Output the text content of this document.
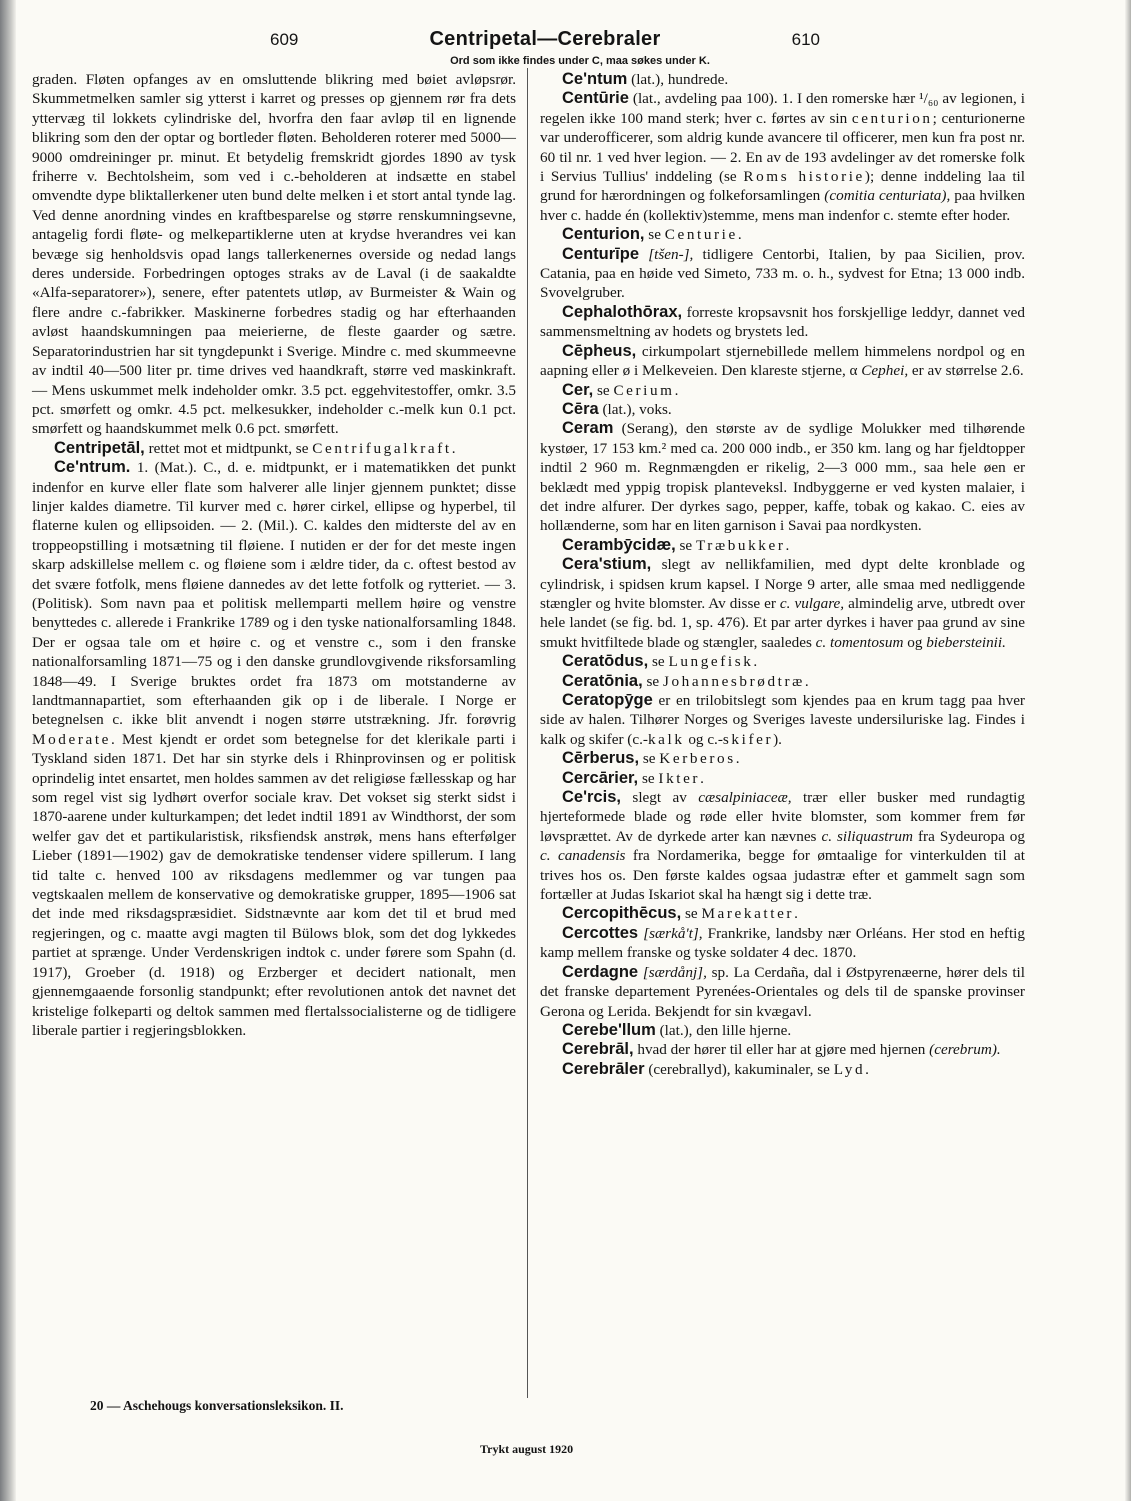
609	Centripetal—Cerebraler	610
Ord som ikke findes under C, maa søkes under K.

graden. Fløten opfanges av en omsluttende blikring med bøiet avløpsrør. Skummetmelken samler sig ytterst i karret og presses op gjennem rør fra dets yttervæg til lokkets cylindriske del, hvorfra den faar avløp til en lignende blikring som den der optar og bortleder fløten. Beholderen roterer med 5000—9000 omdreininger pr. minut. Et betydelig fremskridt gjordes 1890 av tysk friherre v. Bechtolsheim, som ved i c.-beholderen at indsætte en stabel omvendte dype bliktallerkener uten bund delte melken i et stort antal tynde lag. Ved denne anordning vindes en kraftbesparelse og større renskumningsevne, antagelig fordi fløte- og melkepartiklerne uten at krydse hverandres vei kan bevæge sig henholdsvis opad langs tallerkenernes overside og nedad langs deres underside. Forbedringen optoges straks av de Laval (i de saakaldte «Alfa-separatorer»), senere, efter patentets utløp, av Burmeister & Wain og flere andre c.-fabrikker. Maskinerne forbedres stadig og har efterhaanden avløst haandskumningen paa meierierne, de fleste gaarder og sætre. Separatorindustrien har sit tyngdepunkt i Sverige. Mindre c. med skummeevne av indtil 40—500 liter pr. time drives ved haandkraft, større ved maskinkraft. — Mens uskummet melk indeholder omkr. 3.5 pct. eggehvitestoffer, omkr. 3.5 pct. smørfett og omkr. 4.5 pct. melkesukker, indeholder c.-melk kun 0.1 pct. smørfett og haandskummet melk 0.6 pct. smørfett.

Centripetāl, rettet mot et midtpunkt, se Centrifugalkraft.

Ce'ntrum. 1. (Mat.). C., d. e. midtpunkt, er i matematikken det punkt indenfor en kurve eller flate som halverer alle linjer gjennem punktet; disse linjer kaldes diametre. Til kurver med c. hører cirkel, ellipse og hyperbel, til flaterne kulen og ellipsoiden. — 2. (Mil.). C. kaldes den midterste del av en troppeopstilling i motsætning til fløiene. I nutiden er der for det meste ingen skarp adskillelse mellem c. og fløiene som i ældre tider, da c. oftest bestod av det svære fotfolk, mens fløiene dannedes av det lette fotfolk og rytteriet. — 3. (Politisk). Som navn paa et politisk mellemparti mellem høire og venstre benyttedes c. allerede i Frankrike 1789 og i den tyske nationalforsamling 1848. Der er ogsaa tale om et høire c. og et venstre c., som i den franske nationalforsamling 1871—75 og i den danske grundlovgivende riksforsamling 1848—49. I Sverige bruktes ordet fra 1873 om motstanderne av landtmannapartiet, som efterhaanden gik op i de liberale. I Norge er betegnelsen c. ikke blit anvendt i nogen større utstrækning. Jfr. forøvrig Moderate. Mest kjendt er ordet som betegnelse for det klerikale parti i Tyskland siden 1871. Det har sin styrke dels i Rhinprovinsen og er politisk oprindelig intet ensartet, men holdes sammen av det religiøse fællesskap og har som regel vist sig lydhørt overfor sociale krav. Det vokset sig sterkt sidst i 1870-aarene under kulturkampen; det ledet indtil 1891 av Windthorst, der som welfer gav det et partikularistisk, riksfiendsk anstrøk, mens hans efterfølger Lieber (1891—1902) gav de demokratiske tendenser videre spillerum. I lang tid talte c. henved 100 av riksdagens medlemmer og var tungen paa vegtskaalen mellem de konservative og demokratiske grupper, 1895—1906 sat det inde med riksdagspræsidiet. Sidstnævnte aar kom det til et brud med regjeringen, og c. maatte avgi magten til Bülows blok, som det dog lykkedes partiet at sprænge. Under Verdenskrigen indtok c. under førere som Spahn (d. 1917), Groeber (d. 1918) og Erzberger et decidert nationalt, men gjennemgaaende forsonlig standpunkt; efter revolutionen antok det navnet det kristelige folkeparti og deltok sammen med flertalssocialisterne og de tidligere liberale partier i regjeringsblokken.

Ce'ntum (lat.), hundrede.

Centūrie (lat., avdeling paa 100). 1. I den romerske hær ¹/₆₀ av legionen, i regelen ikke 100 mand sterk; hver c. førtes av sin centurion; centurionerne var underofficerer, som aldrig kunde avancere til officerer, men kun fra post nr. 60 til nr. 1 ved hver legion. — 2. En av de 193 avdelinger av det romerske folk i Servius Tullius' inddeling (se Roms historie); denne inddeling laa til grund for hærordningen og folkeforsamlingen (comitia centuriata), paa hvilken hver c. hadde én (kollektiv)stemme, mens man indenfor c. stemte efter hoder.

Centurion, se Centurie.

Centurīpe [tšen-], tidligere Centorbi, Italien, by paa Sicilien, prov. Catania, paa en høide ved Simeto, 733 m. o. h., sydvest for Etna; 13 000 indb. Svovelgruber.

Cephalothōrax, forreste kropsavsnit hos forskjellige leddyr, dannet ved sammensmeltning av hodets og brystets led.

Cēpheus, cirkumpolart stjernebillede mellem himmelens nordpol og en aapning eller ø i Melkeveien. Den klareste stjerne, α Cephei, er av størrelse 2.6.

Cer, se Cerium.

Cēra (lat.), voks.

Ceram (Serang), den største av de sydlige Molukker med tilhørende kystøer, 17 153 km.² med ca. 200 000 indb., er 350 km. lang og har fjeldtopper indtil 2 960 m. Regnmængden er rikelig, 2—3 000 mm., saa hele øen er beklædt med yppig tropisk planteveksl. Indbyggerne er ved kysten malaier, i det indre alfurer. Der dyrkes sago, pepper, kaffe, tobak og kakao. C. eies av hollænderne, som har en liten garnison i Savai paa nordkysten.

Cerambȳcidæ, se Træbukker.

Cera'stium, slegt av nellikfamilien, med dypt delte kronblade og cylindrisk, i spidsen krum kapsel. I Norge 9 arter, alle smaa med nedliggende stængler og hvite blomster. Av disse er c. vulgare, almindelig arve, utbredt over hele landet (se fig. bd. 1, sp. 476). Et par arter dyrkes i haver paa grund av sine smukt hvitfiltede blade og stængler, saaledes c. tomentosum og biebersteinii.

Ceratōdus, se Lungefisk.

Ceratōnia, se Johannesbrødtræ.

Ceratopȳge er en trilobitslegt som kjendes paa en krum tagg paa hver side av halen. Tilhører Norges og Sveriges laveste undersiluriske lag. Findes i kalk og skifer (c.-kalk og c.-skifer).

Cērberus, se Kerberos.

Cercārier, se Ikter.

Ce'rcis, slegt av cæsalpiniaceæ, trær eller busker med rundagtig hjerteformede blade og røde eller hvite blomster, som kommer frem før løvsprættet. Av de dyrkede arter kan nævnes c. siliquastrum fra Sydeuropa og c. canadensis fra Nordamerika, begge for ømtaalige for vinterkulden til at trives hos os. Den første kaldes ogsaa judastræ efter et gammelt sagn som fortæller at Judas Iskariot skal ha hængt sig i dette træ.

Cercopithēcus, se Marekatter.

Cercottes [særkå't], Frankrike, landsby nær Orléans. Her stod en heftig kamp mellem franske og tyske soldater 4 dec. 1870.

Cerdagne [særdånj], sp. La Cerdaña, dal i Østpyrenæerne, hører dels til det franske departement Pyrenées-Orientales og dels til de spanske provinser Gerona og Lerida. Bekjendt for sin kvægavl.

Cerebe'llum (lat.), den lille hjerne.

Cerebrāl, hvad der hører til eller har at gjøre med hjernen (cerebrum).

Cerebrāler (cerebrallyd), kakuminaler, se Lyd.

20 — Aschehougs konversationsleksikon. II.
Trykt august 1920
